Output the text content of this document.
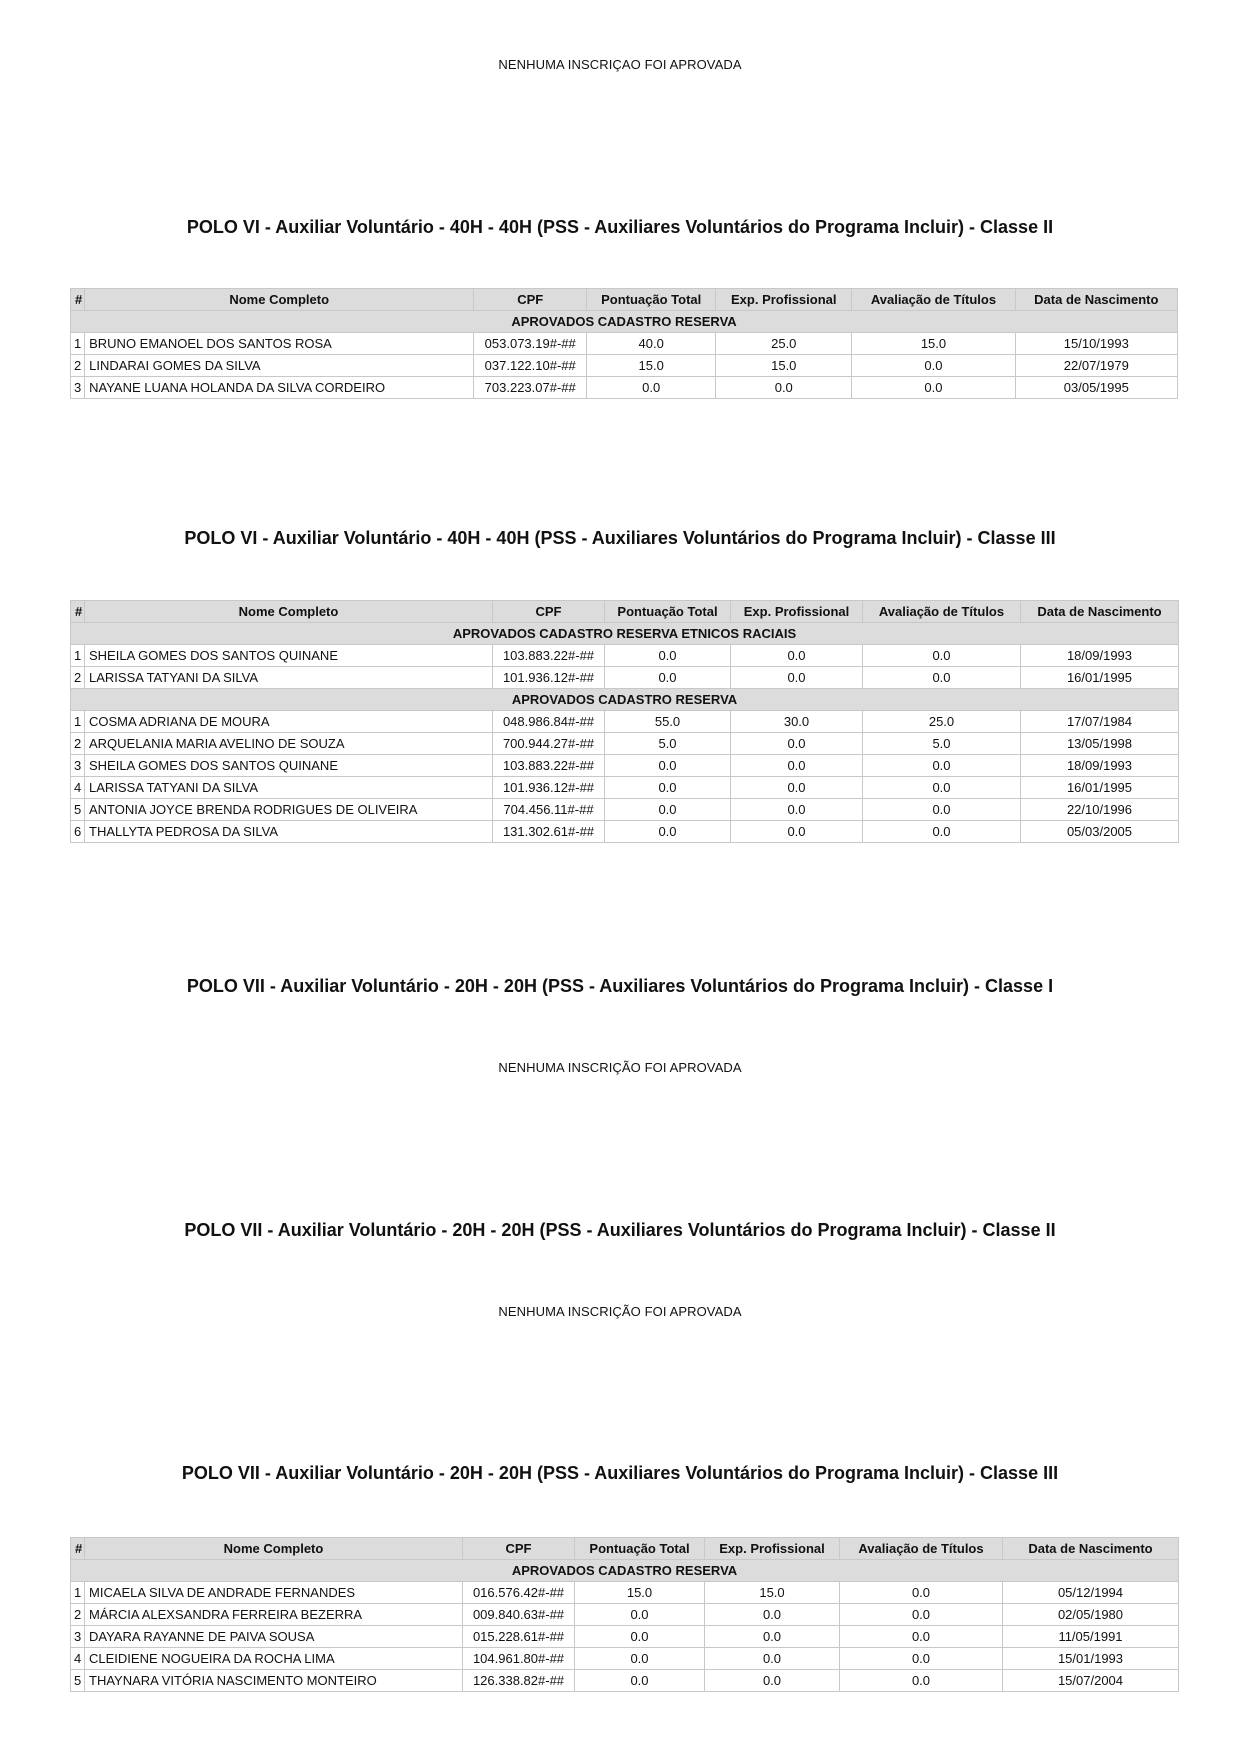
NENHUMA INSCRIÇAO FOI APROVADA
POLO VI - Auxiliar Voluntário - 40H - 40H (PSS - Auxiliares Voluntários do Programa Incluir) - Classe II
#	Nome Completo	CPF	Pontuação Total	Exp. Profissional	Avaliação de Títulos	Data de Nascimento
APROVADOS CADASTRO RESERVA						
1	BRUNO EMANOEL DOS SANTOS ROSA	053.073.19#-##	40.0	25.0	15.0	15/10/1993
2	LINDARAI GOMES DA SILVA	037.122.10#-##	15.0	15.0	0.0	22/07/1979
3	NAYANE LUANA HOLANDA DA SILVA CORDEIRO	703.223.07#-##	0.0	0.0	0.0	03/05/1995
POLO VI - Auxiliar Voluntário - 40H - 40H (PSS - Auxiliares Voluntários do Programa Incluir) - Classe III
#	Nome Completo	CPF	Pontuação Total	Exp. Profissional	Avaliação de Títulos	Data de Nascimento
APROVADOS CADASTRO RESERVA ETNICOS RACIAIS						
1	SHEILA GOMES DOS SANTOS QUINANE	103.883.22#-##	0.0	0.0	0.0	18/09/1993
2	LARISSA TATYANI DA SILVA	101.936.12#-##	0.0	0.0	0.0	16/01/1995
APROVADOS CADASTRO RESERVA						
1	COSMA ADRIANA DE MOURA	048.986.84#-##	55.0	30.0	25.0	17/07/1984
2	ARQUELANIA MARIA AVELINO DE SOUZA	700.944.27#-##	5.0	0.0	5.0	13/05/1998
3	SHEILA GOMES DOS SANTOS QUINANE	103.883.22#-##	0.0	0.0	0.0	18/09/1993
4	LARISSA TATYANI DA SILVA	101.936.12#-##	0.0	0.0	0.0	16/01/1995
5	ANTONIA JOYCE BRENDA RODRIGUES DE OLIVEIRA	704.456.11#-##	0.0	0.0	0.0	22/10/1996
6	THALLYTA PEDROSA DA SILVA	131.302.61#-##	0.0	0.0	0.0	05/03/2005
POLO VII - Auxiliar Voluntário - 20H - 20H (PSS - Auxiliares Voluntários do Programa Incluir) - Classe I
NENHUMA INSCRIÇÃO FOI APROVADA
POLO VII - Auxiliar Voluntário - 20H - 20H (PSS - Auxiliares Voluntários do Programa Incluir) - Classe II
NENHUMA INSCRIÇÃO FOI APROVADA
POLO VII - Auxiliar Voluntário - 20H - 20H (PSS - Auxiliares Voluntários do Programa Incluir) - Classe III
#	Nome Completo	CPF	Pontuação Total	Exp. Profissional	Avaliação de Títulos	Data de Nascimento
APROVADOS CADASTRO RESERVA						
1	MICAELA SILVA DE ANDRADE FERNANDES	016.576.42#-##	15.0	15.0	0.0	05/12/1994
2	MÁRCIA ALEXSANDRA FERREIRA BEZERRA	009.840.63#-##	0.0	0.0	0.0	02/05/1980
3	DAYARA RAYANNE DE PAIVA SOUSA	015.228.61#-##	0.0	0.0	0.0	11/05/1991
4	CLEIDIENE NOGUEIRA DA ROCHA LIMA	104.961.80#-##	0.0	0.0	0.0	15/01/1993
5	THAYNARA VITÓRIA NASCIMENTO MONTEIRO	126.338.82#-##	0.0	0.0	0.0	15/07/2004
